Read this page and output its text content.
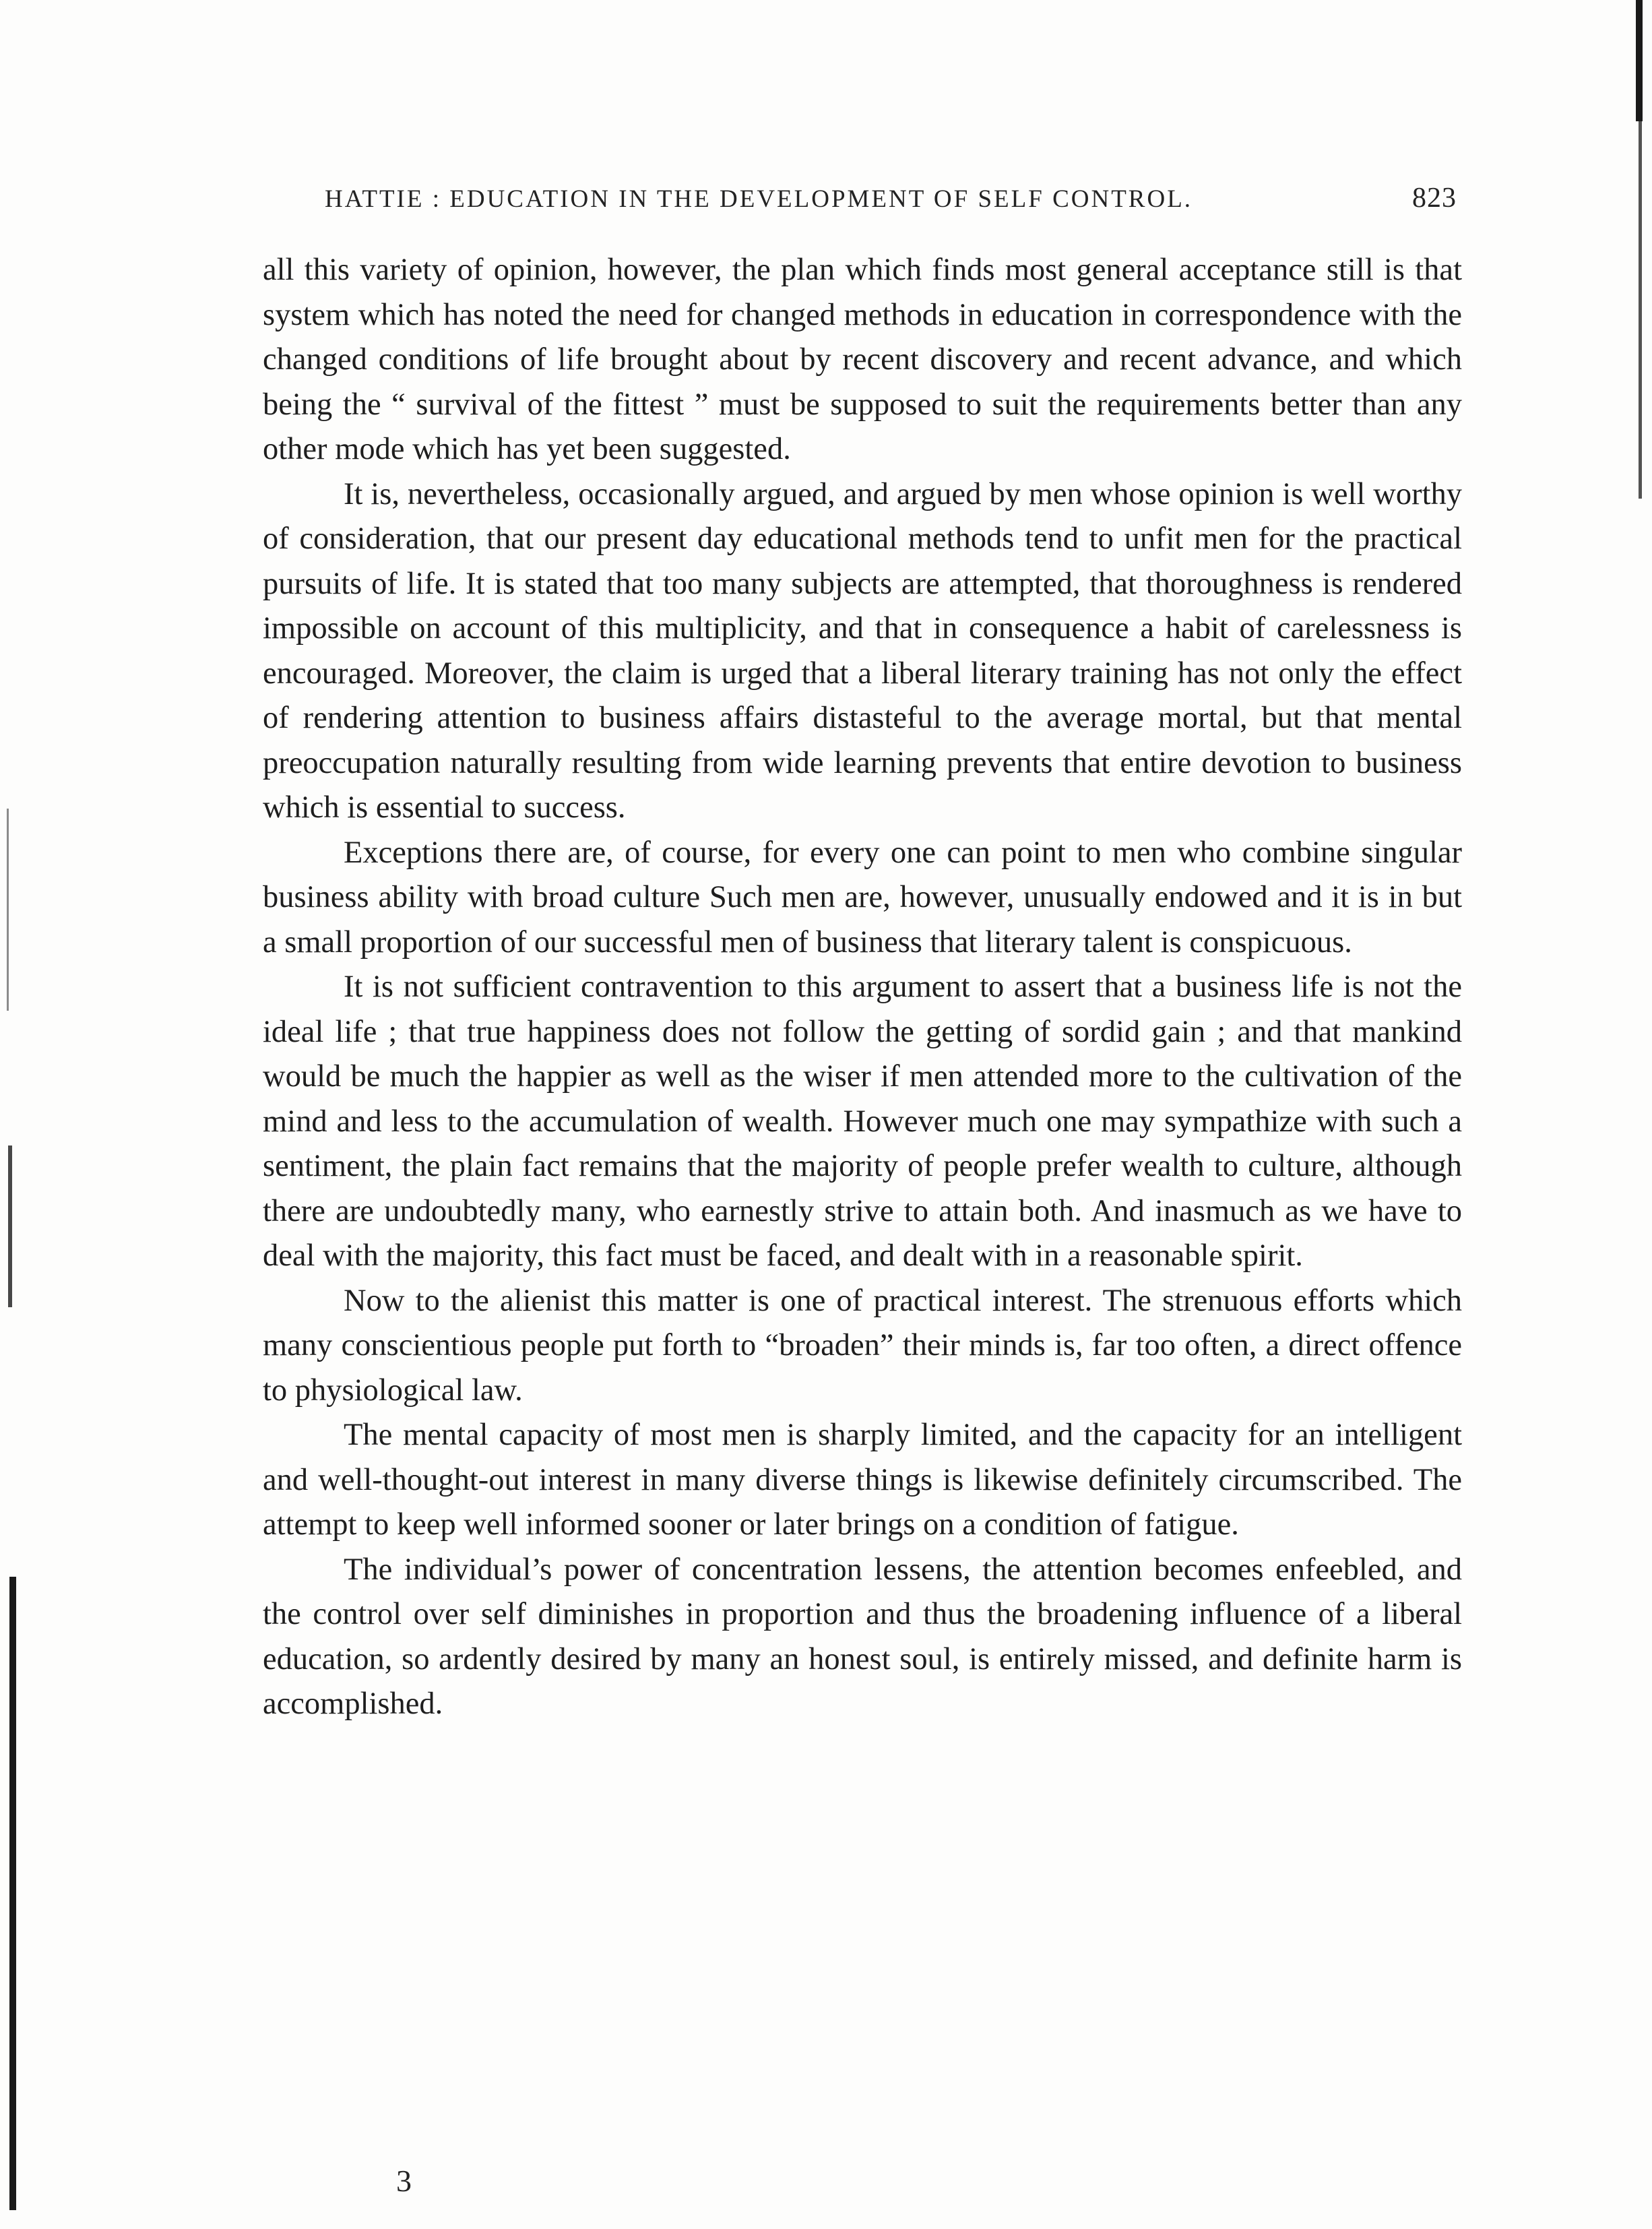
HATTIE : EDUCATION IN THE DEVELOPMENT OF SELF CONTROL.	823

all this variety of opinion, however, the plan which finds most general acceptance still is that system which has noted the need for changed methods in education in correspondence with the changed conditions of life brought about by recent discovery and recent advance, and which being the “ survival of the fittest ” must be supposed to suit the requirements better than any other mode which has yet been suggested.

It is, nevertheless, occasionally argued, and argued by men whose opinion is well worthy of consideration, that our present day educational methods tend to unfit men for the practical pursuits of life. It is stated that too many subjects are attempted, that thoroughness is rendered impossible on account of this multiplicity, and that in consequence a habit of carelessness is encouraged. Moreover, the claim is urged that a liberal literary training has not only the effect of rendering attention to business affairs distasteful to the average mortal, but that mental preoccupation naturally resulting from wide learning prevents that entire devotion to business which is essential to success.

Exceptions there are, of course, for every one can point to men who combine singular business ability with broad culture Such men are, however, unusually endowed and it is in but a small proportion of our successful men of business that literary talent is conspicuous.

It is not sufficient contravention to this argument to assert that a business life is not the ideal life ; that true happiness does not follow the getting of sordid gain ; and that mankind would be much the happier as well as the wiser if men attended more to the cultivation of the mind and less to the accumulation of wealth. However much one may sympathize with such a sentiment, the plain fact remains that the majority of people prefer wealth to culture, although there are undoubtedly many, who earnestly strive to attain both. And inasmuch as we have to deal with the majority, this fact must be faced, and dealt with in a reasonable spirit.

Now to the alienist this matter is one of practical interest. The strenuous efforts which many conscientious people put forth to “broaden” their minds is, far too often, a direct offence to physiological law.

The mental capacity of most men is sharply limited, and the capacity for an intelligent and well-thought-out interest in many diverse things is likewise definitely circumscribed. The attempt to keep well informed sooner or later brings on a condition of fatigue.

The individual’s power of concentration lessens, the attention becomes enfeebled, and the control over self diminishes in proportion and thus the broadening influence of a liberal education, so ardently desired by many an honest soul, is entirely missed, and definite harm is accomplished.

3
